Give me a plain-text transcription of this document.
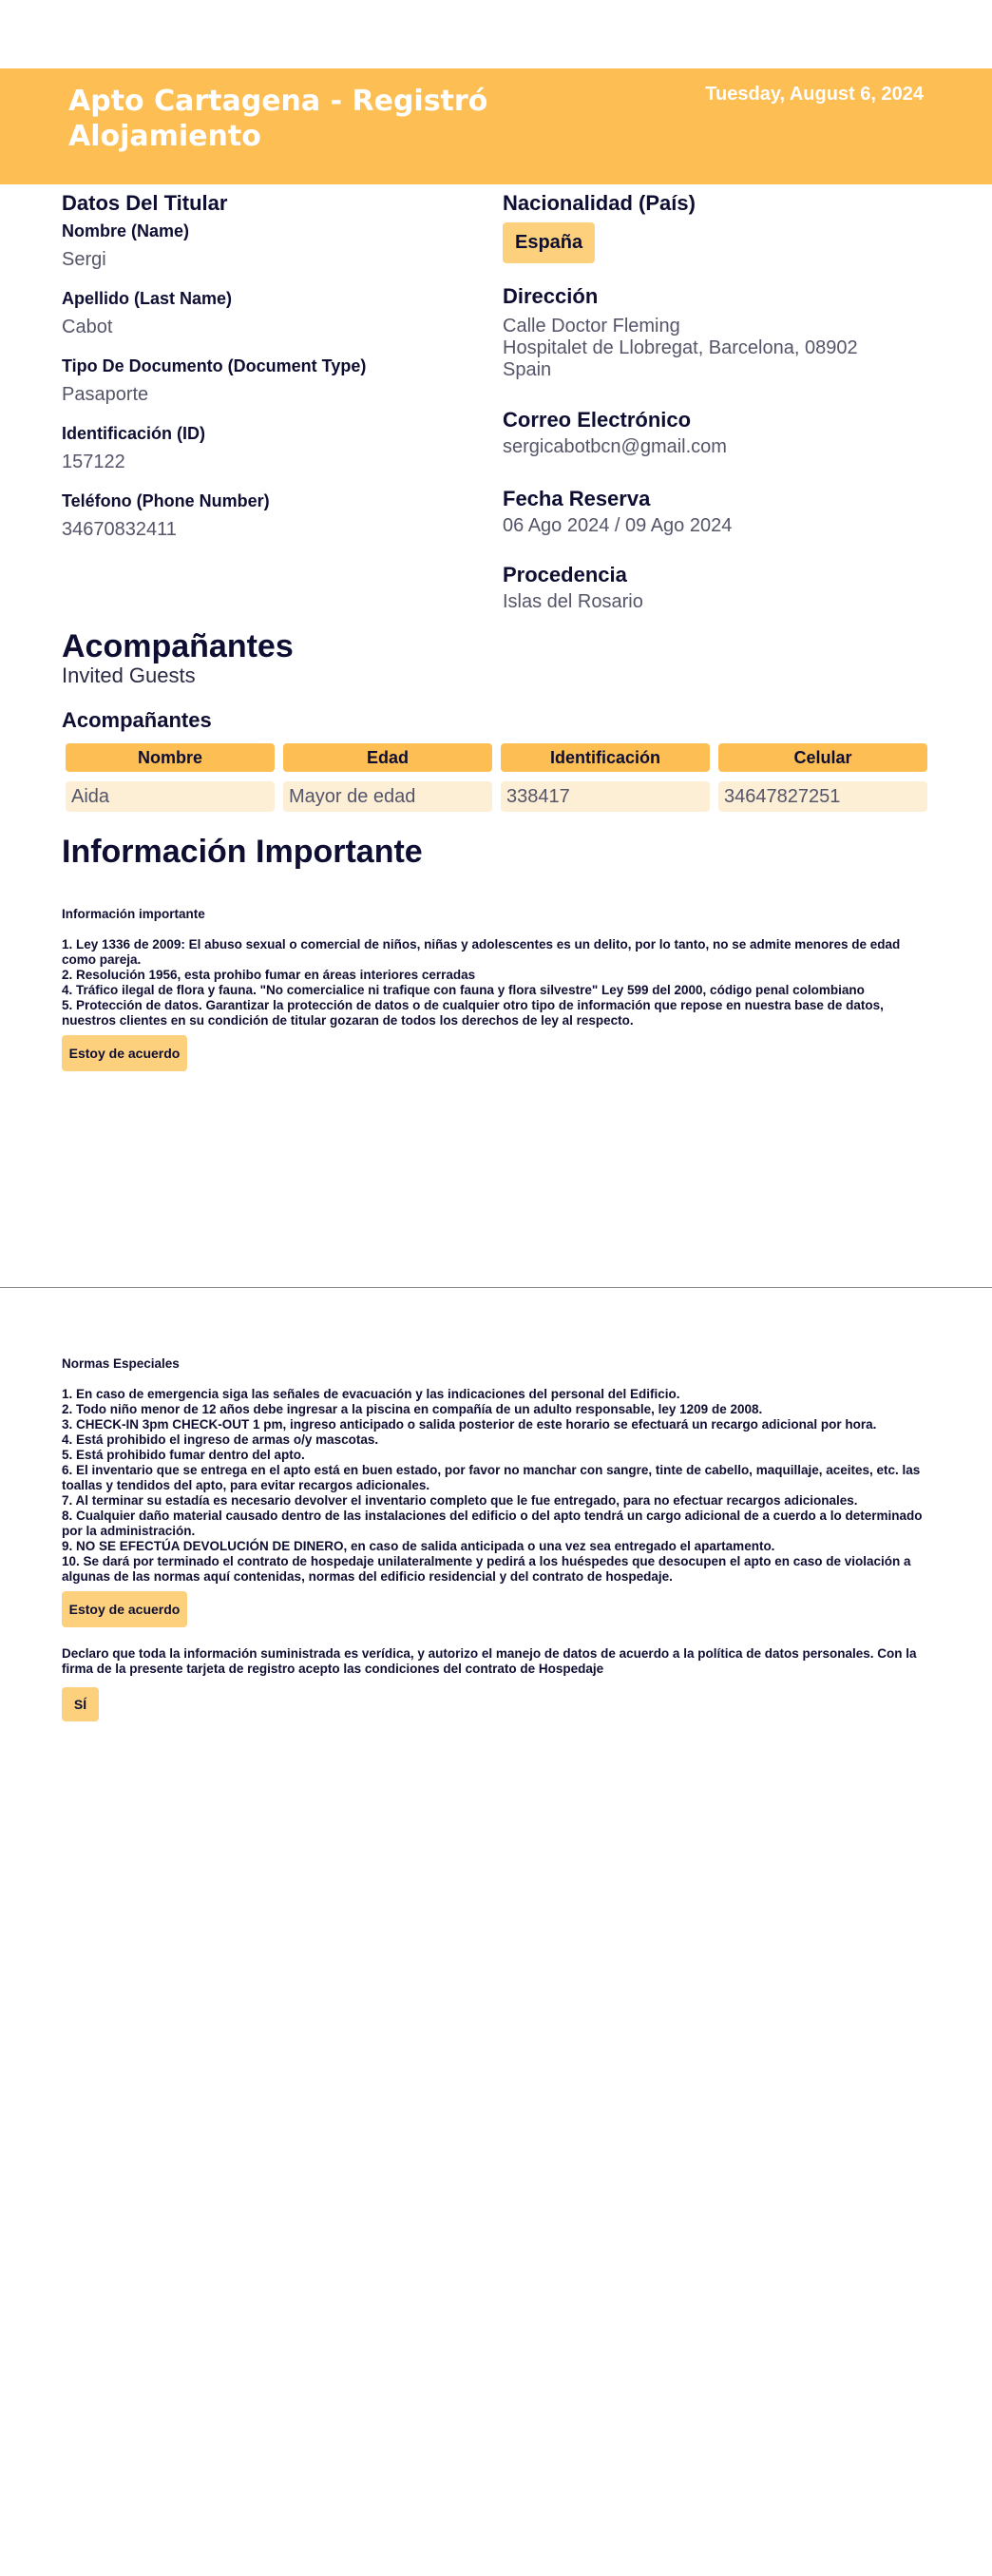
Apto Cartagena - Registró Alojamiento
Tuesday, August 6, 2024
Datos Del Titular
Nombre (Name)
Sergi
Apellido (Last Name)
Cabot
Tipo De Documento (Document Type)
Pasaporte
Identificación (ID)
157122
Teléfono (Phone Number)
34670832411
Nacionalidad (País)
España
Dirección
Calle Doctor Fleming
Hospitalet de Llobregat, Barcelona, 08902
Spain
Correo Electrónico
sergicabotbcn@gmail.com
Fecha Reserva
06 Ago 2024 / 09 Ago 2024
Procedencia
Islas del Rosario
Acompañantes
Invited Guests
Acompañantes
Nombre	Edad	Identificación	Celular
Aida	Mayor de edad	338417	34647827251
Información Importante

Información importante

1. Ley 1336 de 2009: El abuso sexual o comercial de niños, niñas y adolescentes es un delito, por lo tanto, no se admite menores de edad como pareja.

2. Resolución 1956, esta prohibo fumar en áreas interiores cerradas

4. Tráfico ilegal de flora y fauna. "No comercialice ni trafique con fauna y flora silvestre" Ley 599 del 2000, código penal colombiano

5. Protección de datos. Garantizar la protección de datos o de cualquier otro tipo de información que repose en nuestra base de datos, nuestros clientes en su condición de titular gozaran de todos los derechos de ley al respecto.

Estoy de acuerdo

Normas Especiales

1. En caso de emergencia siga las señales de evacuación y las indicaciones del personal del Edificio.

2. Todo niño menor de 12 años debe ingresar a la piscina en compañía de un adulto responsable, ley 1209 de 2008.

3. CHECK-IN 3pm CHECK-OUT 1 pm, ingreso anticipado o salida posterior de este horario se efectuará un recargo adicional por hora.

4. Está prohibido el ingreso de armas o/y mascotas.

5. Está prohibido fumar dentro del apto.

6. El inventario que se entrega en el apto está en buen estado, por favor no manchar con sangre, tinte de cabello, maquillaje, aceites, etc. las toallas y tendidos del apto, para evitar recargos adicionales.

7. Al terminar su estadía es necesario devolver el inventario completo que le fue entregado, para no efectuar recargos adicionales.

8. Cualquier daño material causado dentro de las instalaciones del edificio o del apto tendrá un cargo adicional de a cuerdo a lo determinado por la administración.

9. NO SE EFECTÚA DEVOLUCIÓN DE DINERO, en caso de salida anticipada o una vez sea entregado el apartamento.

10. Se dará por terminado el contrato de hospedaje unilateralmente y pedirá a los huéspedes que desocupen el apto en caso de violación a algunas de las normas aquí contenidas, normas del edificio residencial y del contrato de hospedaje.

Estoy de acuerdo
Declaro que toda la información suministrada es verídica, y autorizo el manejo de datos de acuerdo a la política de datos personales. Con la firma de la presente tarjeta de registro acepto las condiciones del contrato de Hospedaje
SÍ
